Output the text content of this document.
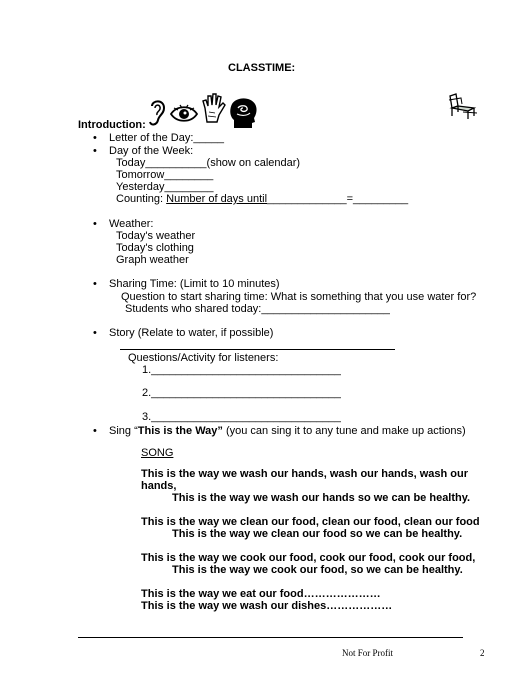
CLASSTIME:
Introduction:
• Letter of the Day:_____
• Day of the Week:
Today__________(show on calendar)
Tomorrow________
Yesterday________
Counting: Number of days until_____________=_________
• Weather:
Today's weather
Today's clothing
Graph weather
• Sharing Time: (Limit to 10 minutes)
Question to start sharing time: What is something that you use water for?
Students who shared today:_____________________
• Story (Relate to water, if possible)
Questions/Activity for listeners:
1._______________________________
2._______________________________
3._______________________________
• Sing “This is the Way” (you can sing it to any tune and make up actions)
SONG
This is the way we wash our hands, wash our hands, wash our
hands,
This is the way we wash our hands so we can be healthy.
This is the way we clean our food, clean our food, clean our food
This is the way we clean our food so we can be healthy.
This is the way we cook our food, cook our food, cook our food,
This is the way we cook our food, so we can be healthy.
This is the way we eat our food…………………
This is the way we wash our dishes………………
Not For Profit	2
